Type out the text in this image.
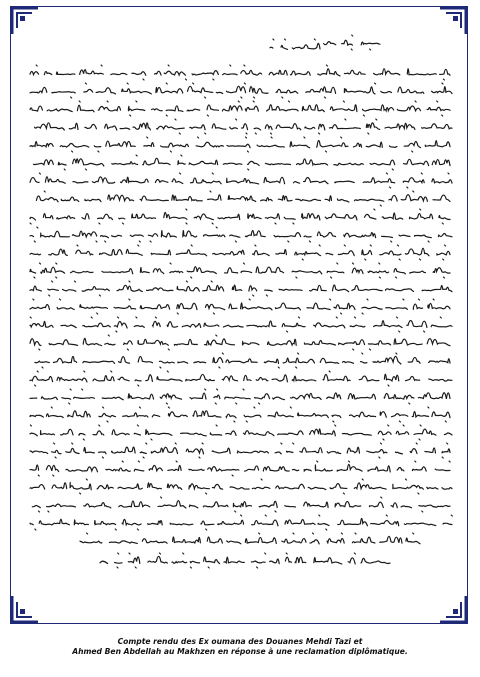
Compte rendu des Ex oumana des Douanes Mehdi Tazi et
Ahmed Ben Abdellah au Makhzen en réponse à une reclamation diplômatique.
